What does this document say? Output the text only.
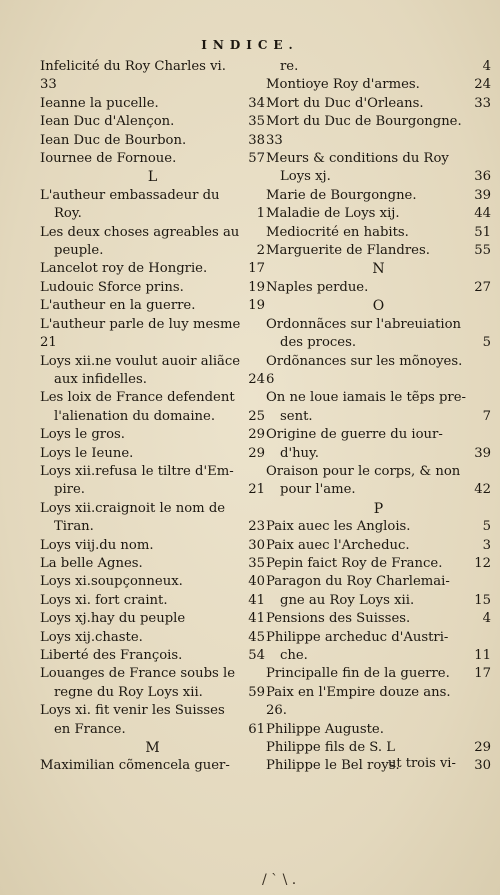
INDICE.
Infelicité du Roy Charles vi.
33
Ieanne la pucelle.	34
Iean Duc d'Alençon.	35
Iean Duc de Bourbon.	38
Iournee de Fornoue.	57
L
L'autheur embassadeur du
Roy.	1
Les deux choses agreables au
peuple.	2
Lancelot roy de Hongrie.	17
Ludouic Sforce prins.	19
L'autheur en la guerre.	19
L'autheur parle de luy mesme
21
Loys xii.ne voulut auoir aliãce
aux infidelles.	24
Les loix de France defendent
l'alienation du domaine.	25
Loys le gros.	29
Loys le Ieune.	29
Loys xii.refusa le tiltre d'Em-
pire.	21
Loys xii.craignoit le nom de
Tiran.	23
Loys viij.du nom.	30
La belle Agnes.	35
Loys xi.soupçonneux.	40
Loys xi. fort craint.	41
Loys xj.hay du peuple	41
Loys xij.chaste.	45
Liberté des François.	54
Louanges de France soubs le
regne du Roy Loys xii.	59
Loys xi. fit venir les Suisses
en France.	61
M
Maximilian cõmencela guer-
re.	4
Montioye Roy d'armes.	24
Mort du Duc d'Orleans.	33
Mort du Duc de Bourgongne.
33
Meurs & conditions du Roy
Loys xj.	36
Marie de Bourgongne.	39
Maladie de Loys xij.	44
Mediocrité en habits.	51
Marguerite de Flandres.	55
N
Naples perdue.	27
O
Ordonnãces sur l'abreuiation
des proces.	5
Ordõnances sur les mõnoyes.
6
On ne loue iamais le tẽps pre-
sent.	7
Origine de guerre du iour-
d'huy.	39
Oraison pour le corps, & non
pour l'ame.	42
P
Paix auec les Anglois.	5
Paix auec l'Archeduc.	3
Pepin faict Roy de France. 12
Paragon du Roy Charlemai-
gne au Roy Loys xii.	15
Pensions des Suisses.	4
Philippe archeduc d'Austri-
che.	11
Principalle fin de la guerre. 17
Paix en l'Empire douze ans.
26.
Philippe Auguste.
Philippe fils de S. L	29
Philippe le Bel roys.	30
ut trois vi-
/ ˋ \ .
